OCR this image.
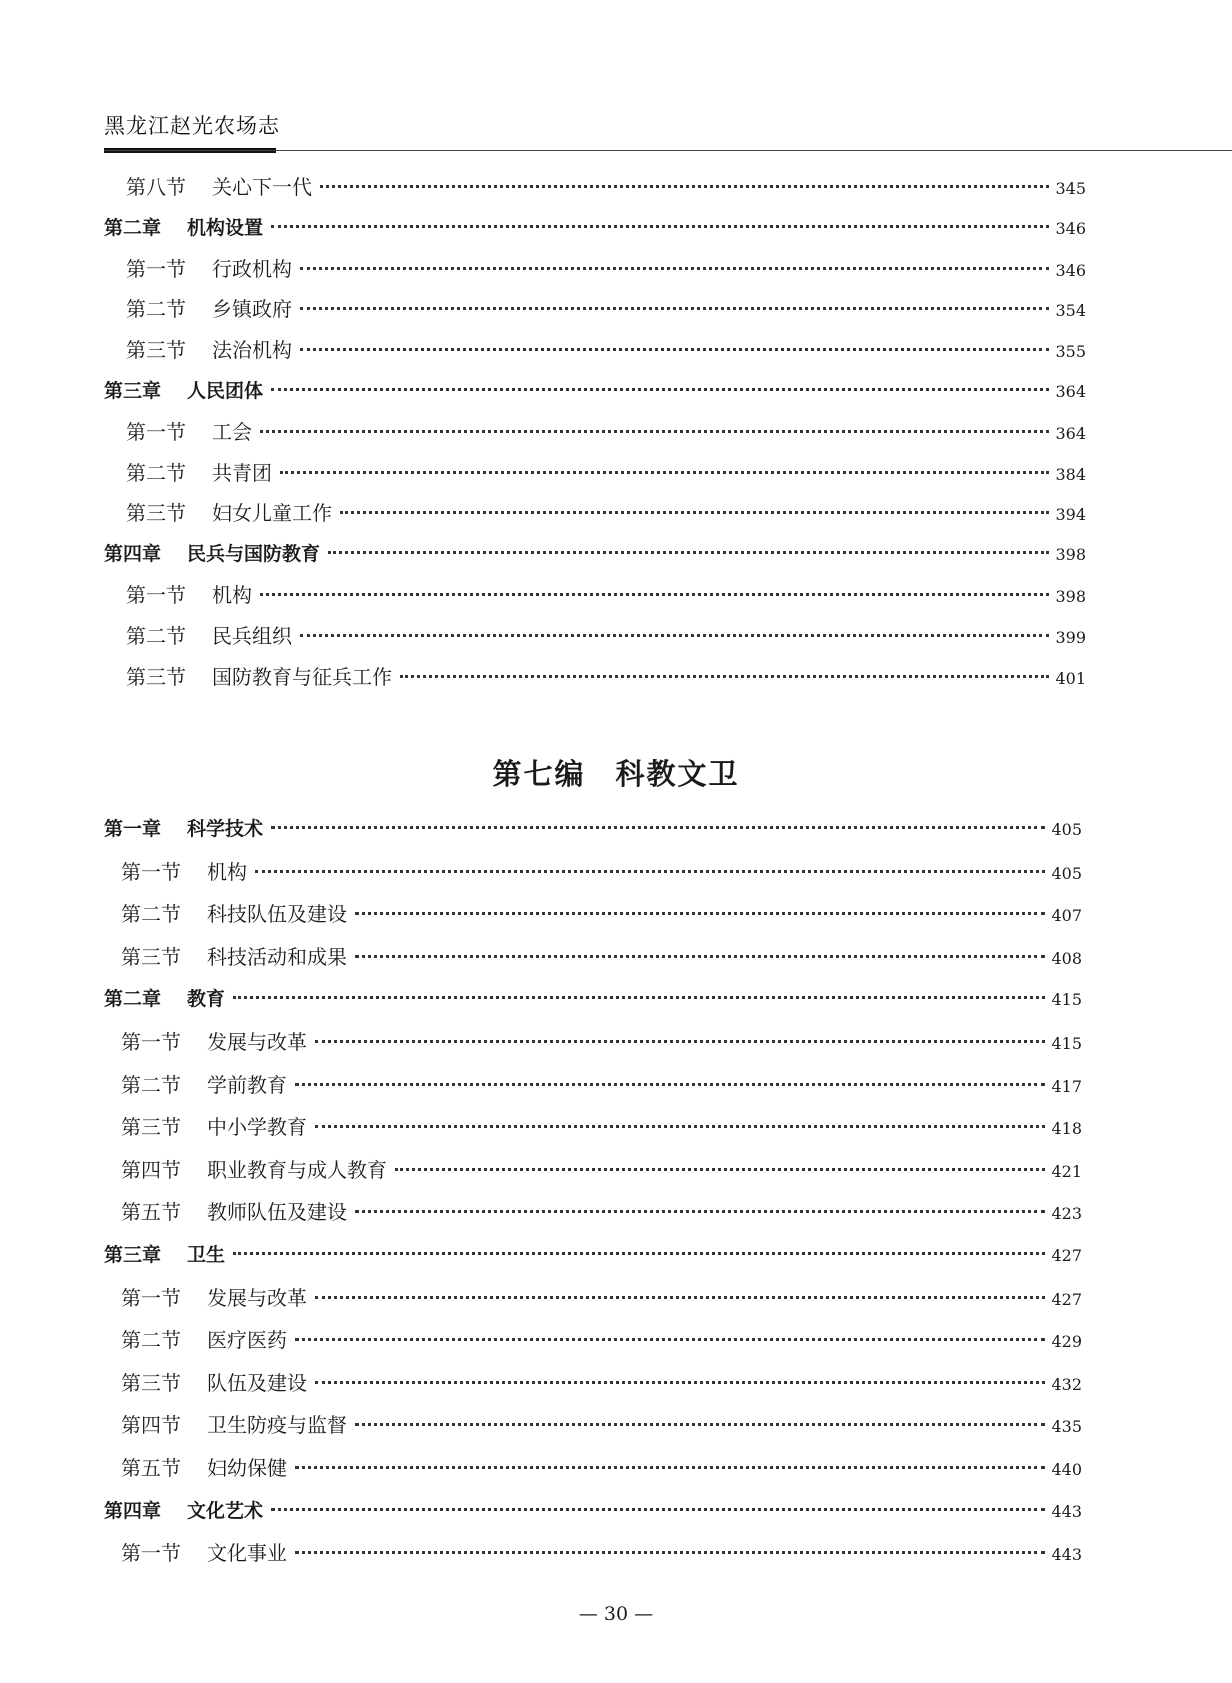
黑龙江赵光农场志
第八节 关心下一代	345
第二章 机构设置	346
第一节 行政机构	346
第二节 乡镇政府	354
第三节 法治机构	355
第三章 人民团体	364
第一节 工会	364
第二节 共青团	384
第三节 妇女儿童工作	394
第四章 民兵与国防教育	398
第一节 机构	398
第二节 民兵组织	399
第三节 国防教育与征兵工作	401
第一章 科学技术	405
第一节 机构	405
第二节 科技队伍及建设	407
第三节 科技活动和成果	408
第二章 教育	415
第一节 发展与改革	415
第二节 学前教育	417
第三节 中小学教育	418
第四节 职业教育与成人教育	421
第五节 教师队伍及建设	423
第三章 卫生	427
第一节 发展与改革	427
第二节 医疗医药	429
第三节 队伍及建设	432
第四节 卫生防疫与监督	435
第五节 妇幼保健	440
第四章 文化艺术	443
第一节 文化事业	443
第七编 科教文卫
— 30 —
